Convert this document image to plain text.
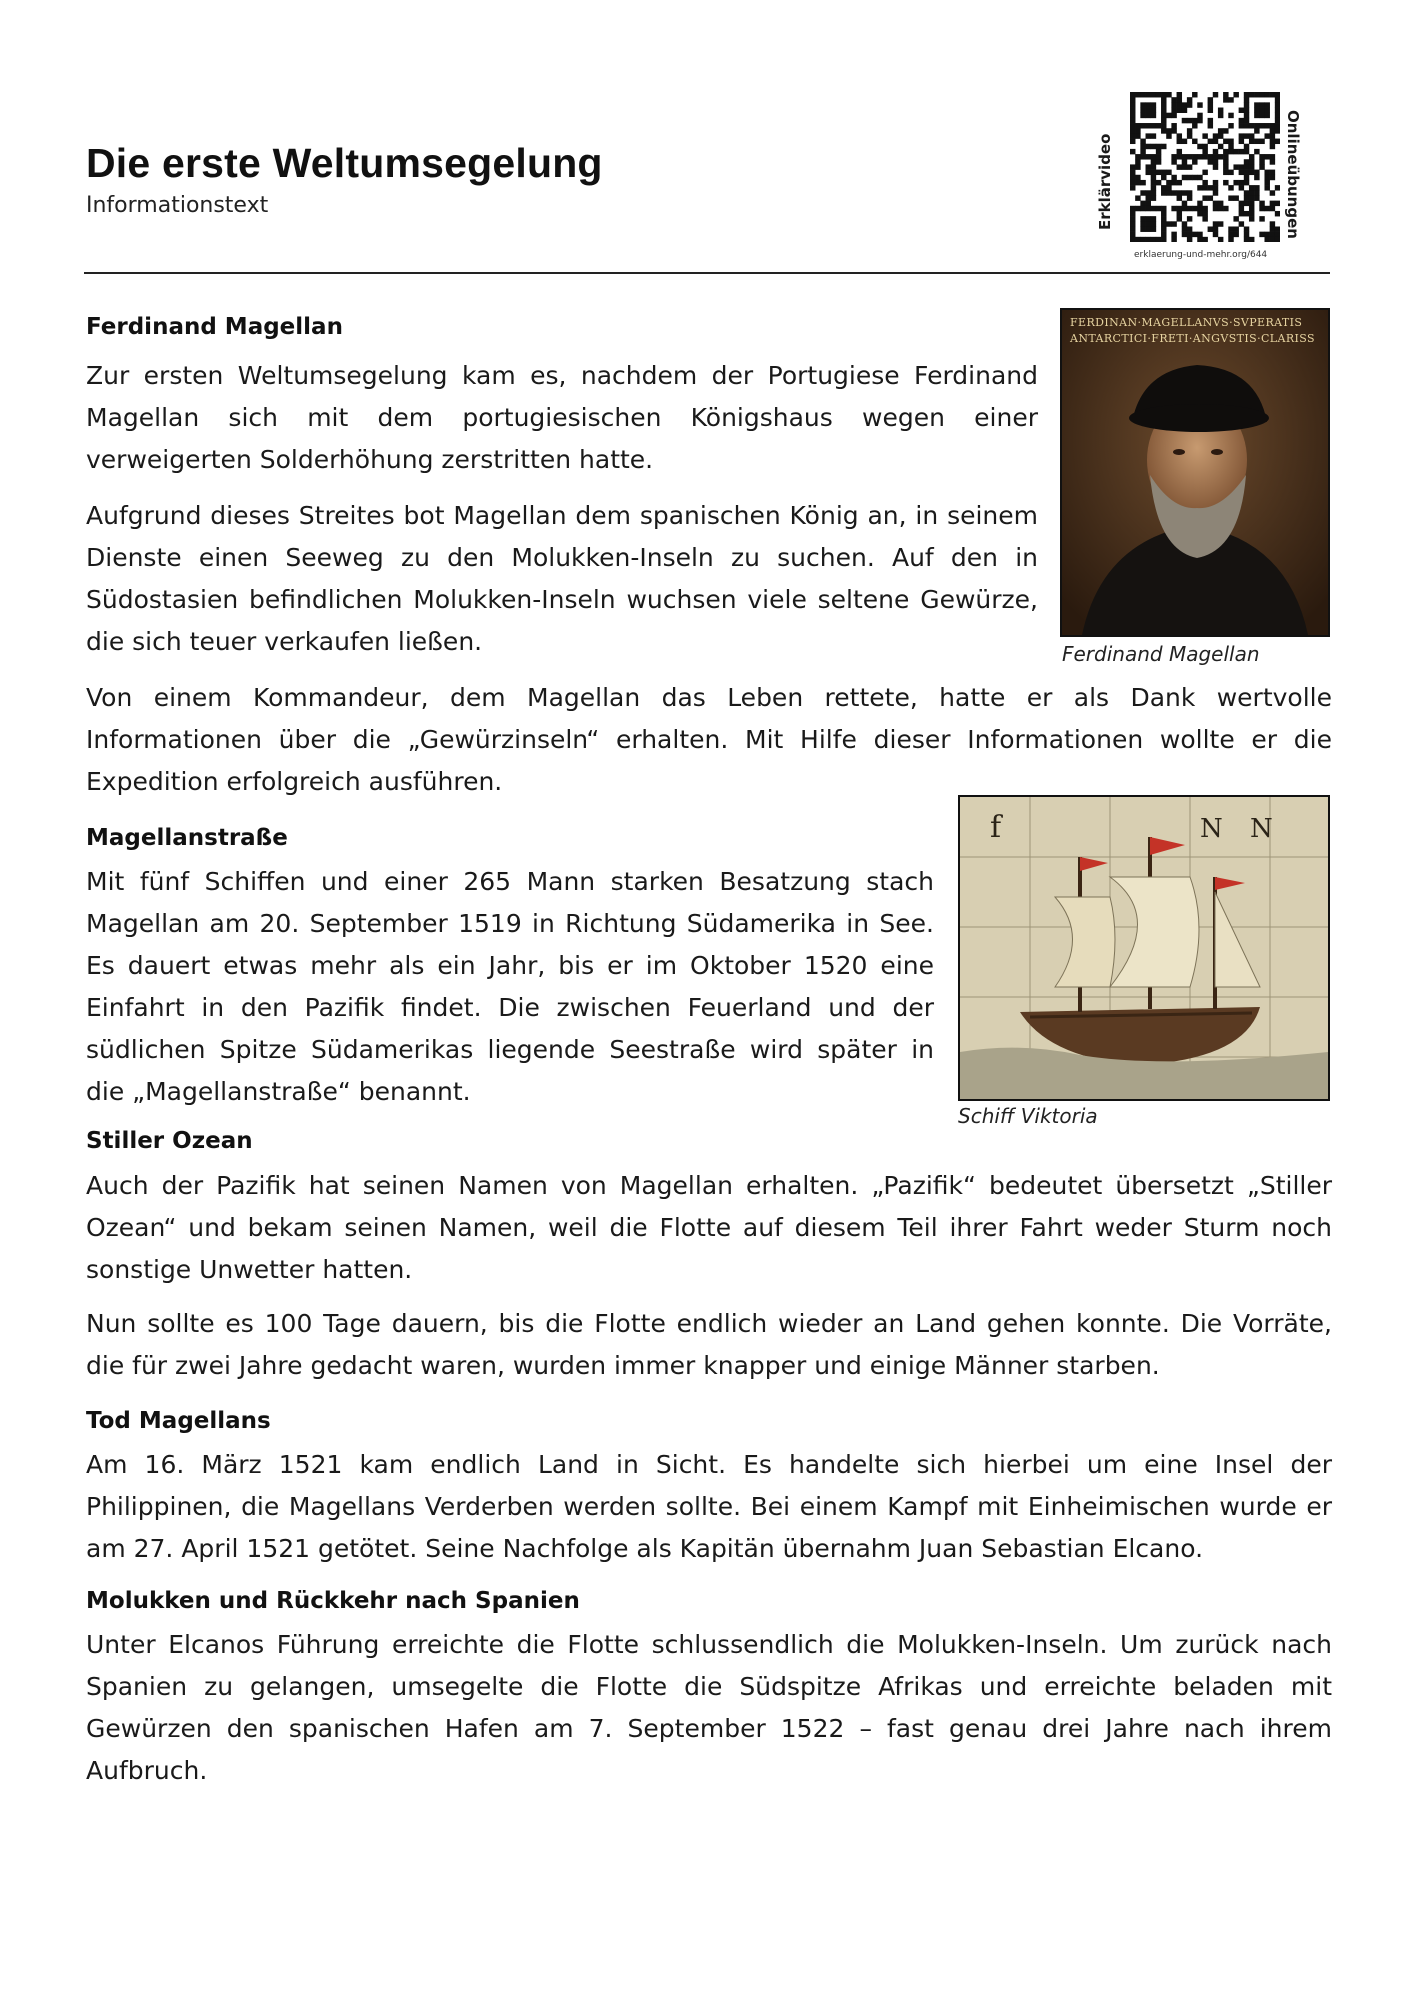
Die erste Weltumsegelung
Informationstext	Erklärvideo	Onlineübungen
erklaerung-und-mehr.org/644
Ferdinand Magellan

Zur ersten Weltumsegelung kam es, nachdem der Portugiese Ferdinand Magellan sich mit dem portugiesischen Königshaus wegen einer verweigerten Solderhöhung zerstritten hatte.

Aufgrund dieses Streites bot Magellan dem spanischen König an, in seinem Dienste einen Seeweg zu den Molukken-Inseln zu suchen. Auf den in Südostasien befindlichen Molukken-Inseln wuchsen viele seltene Gewürze, die sich teuer verkaufen ließen.

Von einem Kommandeur, dem Magellan das Leben rettete, hatte er als Dank wertvolle Informationen über die „Gewürzinseln“ erhalten. Mit Hilfe dieser Informationen wollte er die Expedition erfolgreich ausführen.

FERDINAN·MAGELLANVS·SVPERATIS
ANTARCTICI·FRETI·ANGVSTIS·CLARISS
Ferdinand Magellan
Magellanstraße

Mit fünf Schiffen und einer 265 Mann starken Besatzung stach Magellan am 20. September 1519 in Richtung Südamerika in See. Es dauert etwas mehr als ein Jahr, bis er im Oktober 1520 eine Einfahrt in den Pazifik findet. Die zwischen Feuerland und der südlichen Spitze Südamerikas liegende Seestraße wird später in die „Magellanstraße“ benannt.

f	N N
Schiff Viktoria
Stiller Ozean

Auch der Pazifik hat seinen Namen von Magellan erhalten. „Pazifik“ bedeutet übersetzt „Stiller Ozean“ und bekam seinen Namen, weil die Flotte auf diesem Teil ihrer Fahrt weder Sturm noch sonstige Unwetter hatten.

Nun sollte es 100 Tage dauern, bis die Flotte endlich wieder an Land gehen konnte. Die Vorräte, die für zwei Jahre gedacht waren, wurden immer knapper und einige Männer starben.

Tod Magellans

Am 16. März 1521 kam endlich Land in Sicht. Es handelte sich hierbei um eine Insel der Philippinen, die Magellans Verderben werden sollte. Bei einem Kampf mit Einheimischen wurde er am 27. April 1521 getötet. Seine Nachfolge als Kapitän übernahm Juan Sebastian Elcano.

Molukken und Rückkehr nach Spanien

Unter Elcanos Führung erreichte die Flotte schlussendlich die Molukken-Inseln. Um zurück nach Spanien zu gelangen, umsegelte die Flotte die Südspitze Afrikas und erreichte beladen mit Gewürzen den spanischen Hafen am 7. September 1522 – fast genau drei Jahre nach ihrem Aufbruch.
